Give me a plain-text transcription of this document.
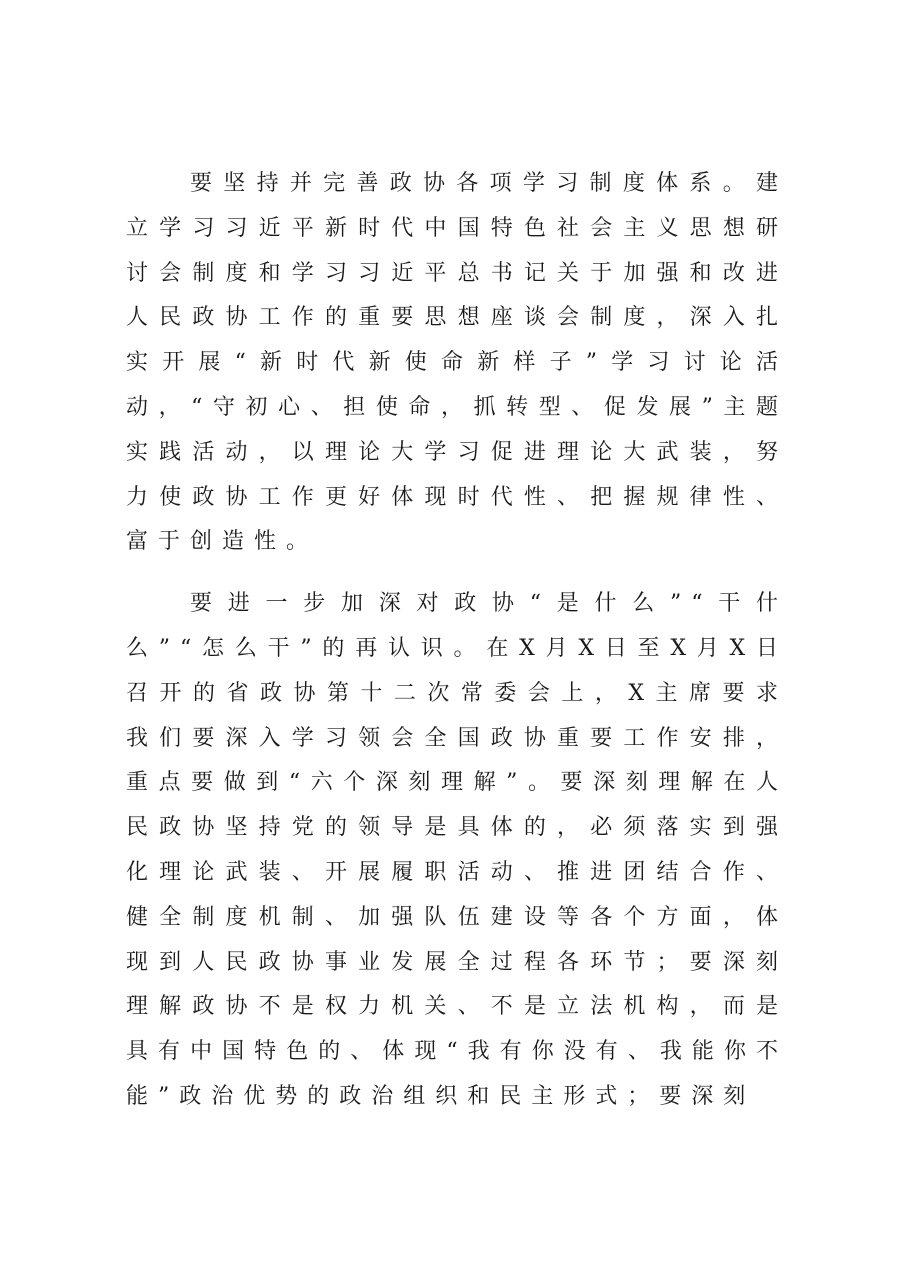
要坚持并完善政协各项学习制度体系。建立学习习近平新时代中国特色社会主义思想研讨会制度和学习习近平总书记关于加强和改进人民政协工作的重要思想座谈会制度，深入扎实开展“新时代新使命新样子”学习讨论活动，“守初心、担使命，抓转型、促发展”主题实践活动，以理论大学习促进理论大武装，努力使政协工作更好体现时代性、把握规律性、富于创造性。

要进一步加深对政协“是什么”“干什么”“怎么干”的再认识。在X月X日至X月X日召开的省政协第十二次常委会上，X主席要求我们要深入学习领会全国政协重要工作安排，重点要做到“六个深刻理解”。要深刻理解在人民政协坚持党的领导是具体的，必须落实到强化理论武装、开展履职活动、推进团结合作、健全制度机制、加强队伍建设等各个方面，体现到人民政协事业发展全过程各环节；要深刻理解政协不是权力机关、不是立法机构，而是具有中国特色的、体现“我有你没有、我能你不能”政治优势的政治组织和民主形式；要深刻
